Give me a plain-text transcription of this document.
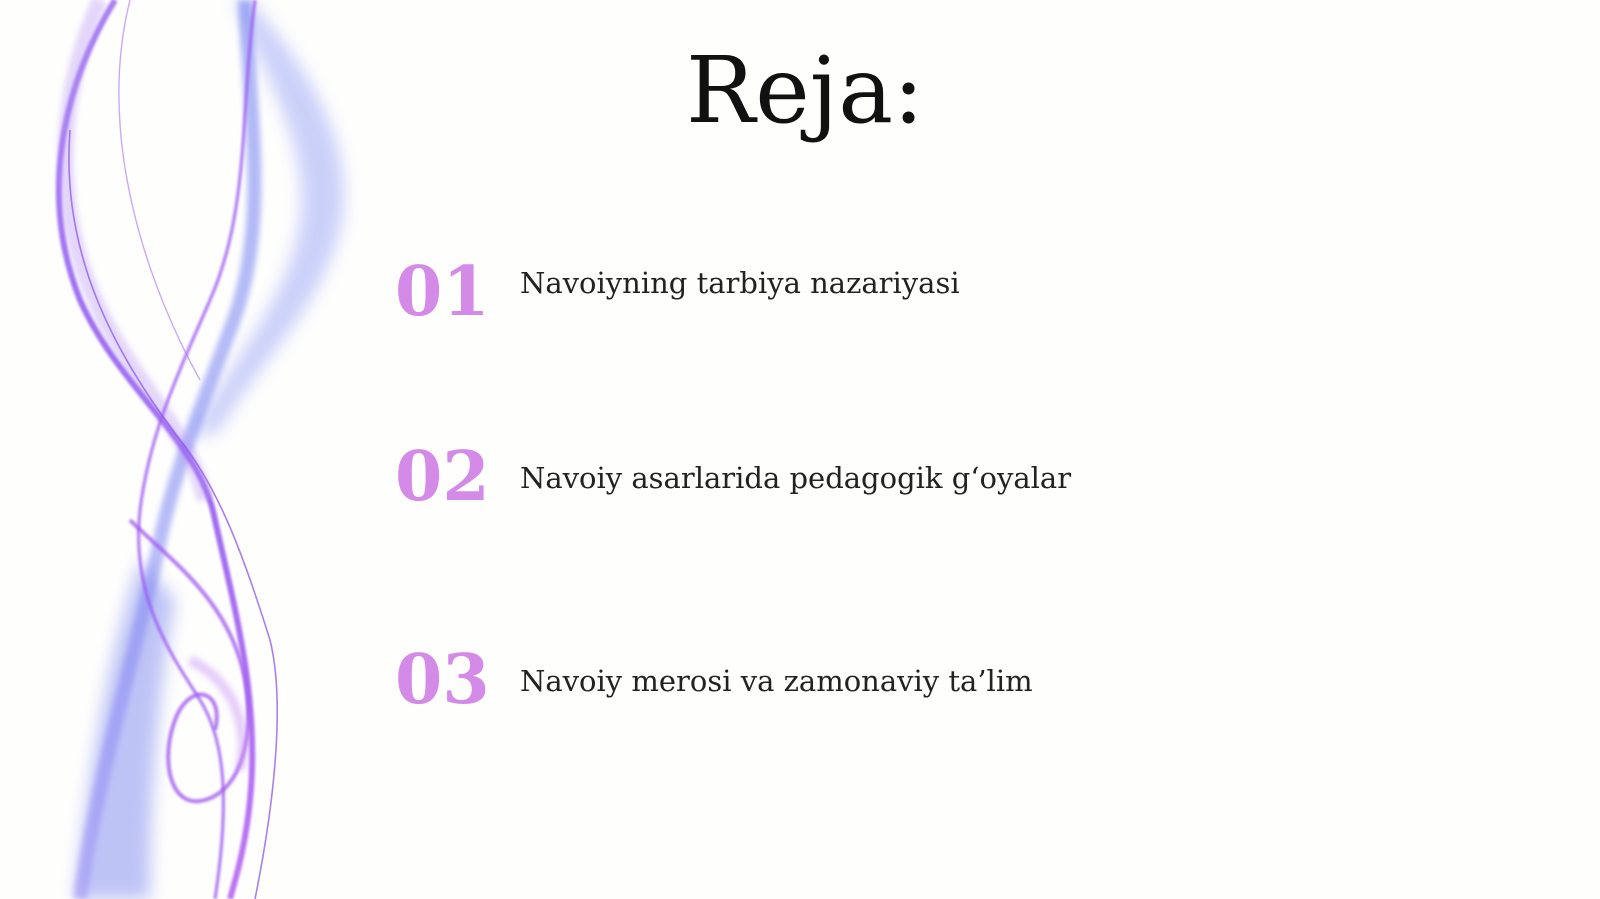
Reja:
01 Navoiyning tarbiya nazariyasi
02 Navoiy asarlarida pedagogik g‘oyalar
03 Navoiy merosi va zamonaviy ta’lim
